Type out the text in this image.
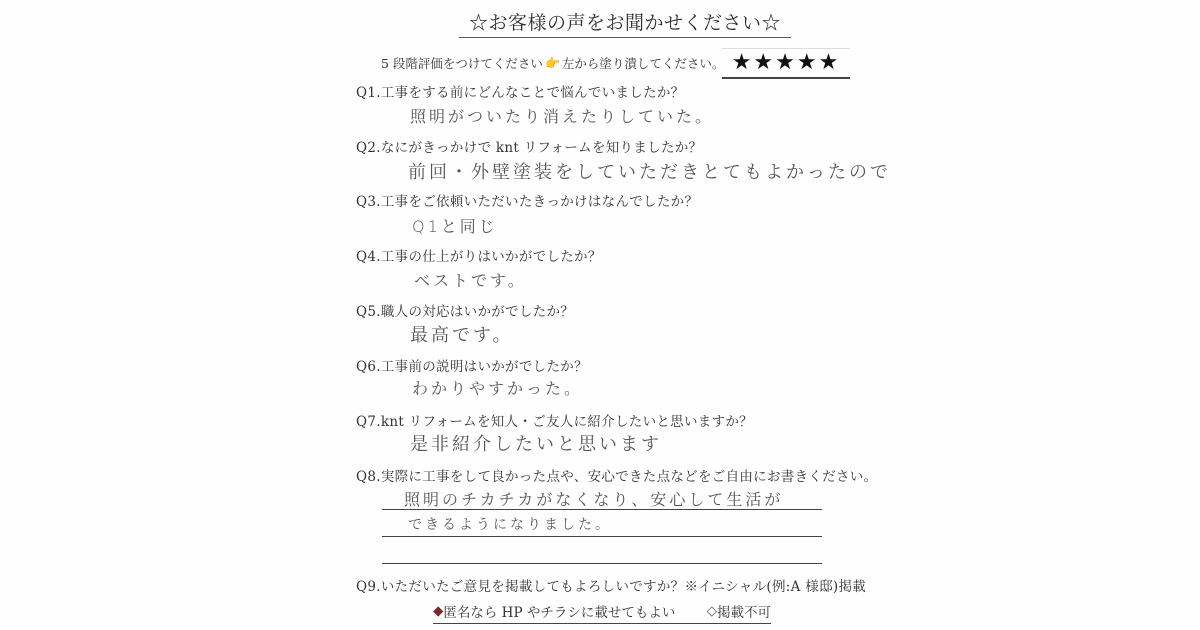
☆お客様の声をお聞かせください☆
5 段階評価をつけてください 👉 左から塗り潰してください。 ★★★★★
Q1.工事をする前にどんなことで悩んでいましたか？
照明がついたり消えたりしていた。
Q2.なにがきっかけで knt リフォームを知りましたか？
前回・外壁塗装をしていただきとてもよかったので
Q3.工事をご依頼いただいたきっかけはなんでしたか？
Q1と同じ
Q4.工事の仕上がりはいかがでしたか？
ベストです。
Q5.職人の対応はいかがでしたか？
最高です。
Q6.工事前の説明はいかがでしたか？
わかりやすかった。
Q7.knt リフォームを知人・ご友人に紹介したいと思いますか？
是非紹介したいと思います
Q8.実際に工事をして良かった点や、安心できた点などをご自由にお書きください。
照明のチカチカがなくなり、安心して生活が
できるようになりました。
Q9.いただいたご意見を掲載してもよろしいですか？※イニシャル(例:A 様邸)掲載
◆ 匿名なら HP やチラシに載せてもよい ◇ 掲載不可
